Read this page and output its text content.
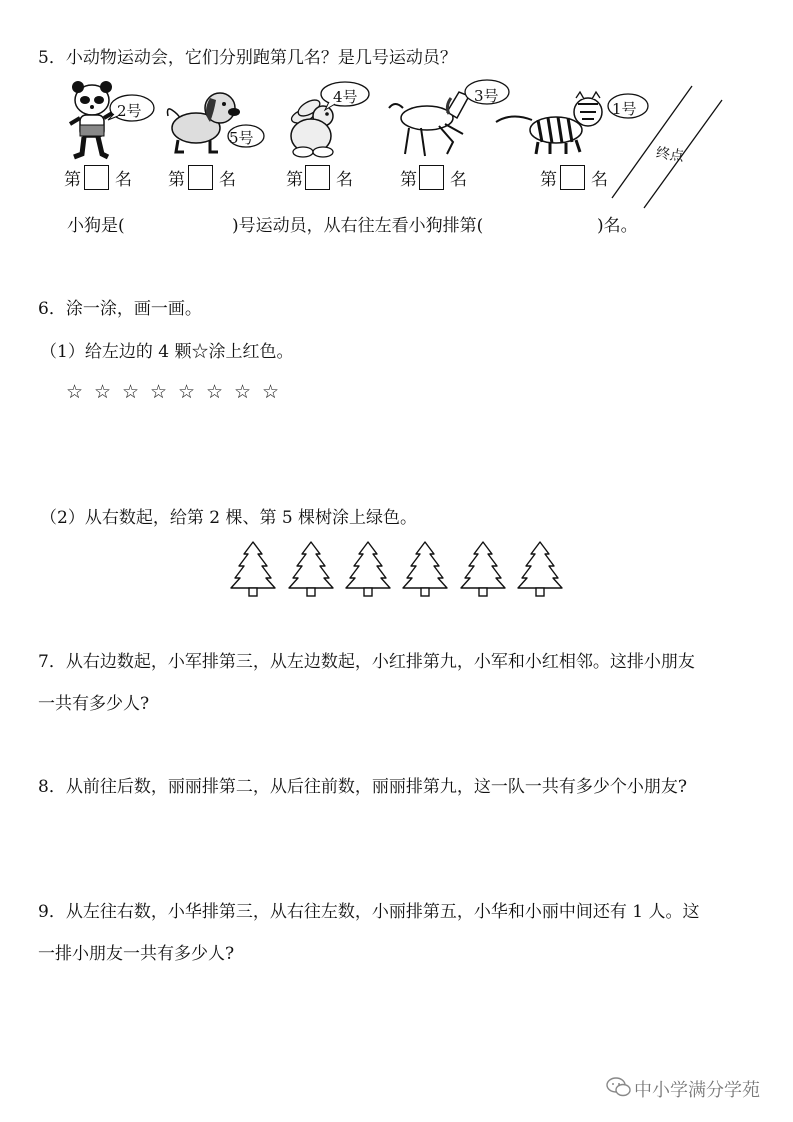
5．小动物运动会，它们分别跑第几名？是几号运动员？
2号
5号
4号	3号
1号
终点
第 名 第 名	第 名	第 名	第 名
小狗是(	)号运动员，从右往左看小狗排第(	)名。
6．涂一涂，画一画。
（1）给左边的 4 颗☆涂上红色。
☆ ☆ ☆ ☆ ☆ ☆ ☆ ☆
（2）从右数起，给第 2 棵、第 5 棵树涂上绿色。
7．从右边数起，小军排第三，从左边数起，小红排第九，小军和小红相邻。这排小朋友
一共有多少人?
8．从前往后数，丽丽排第二，从后往前数，丽丽排第九，这一队一共有多少个小朋友?
9．从左往右数，小华排第三，从右往左数，小丽排第五，小华和小丽中间还有 1 人。这
一排小朋友一共有多少人?
中小学满分学苑
